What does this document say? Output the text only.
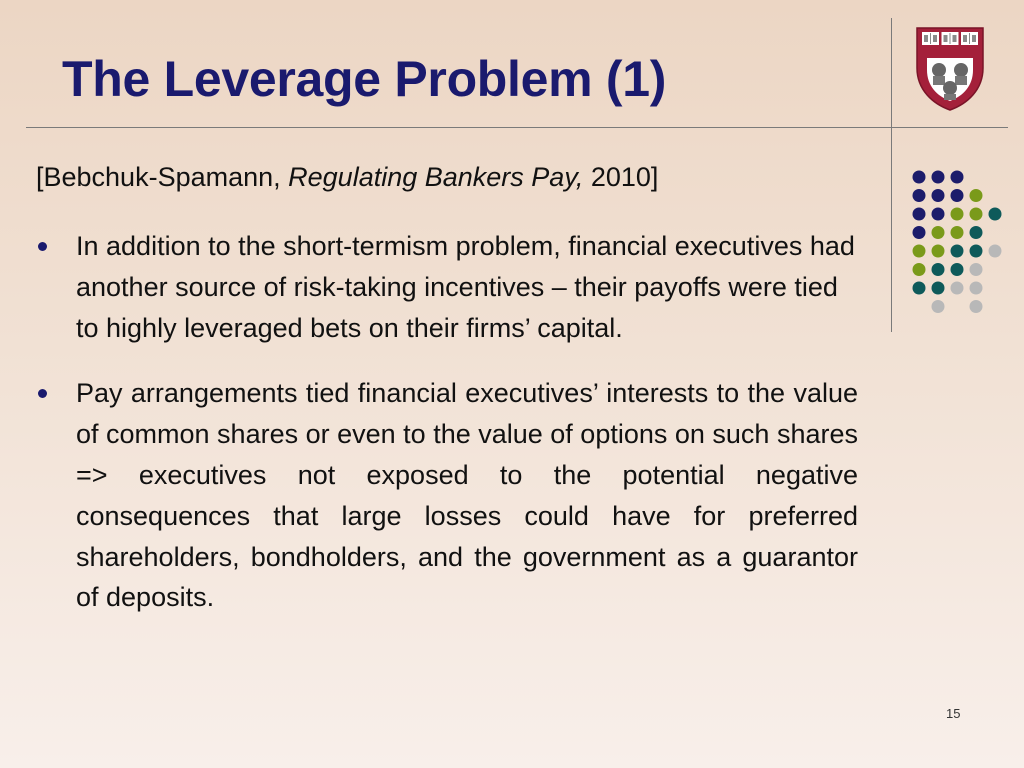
The Leverage Problem (1)
[Bebchuk-Spamann, Regulating Bankers Pay, 2010]
In addition to the short-termism problem, financial executives had another source of risk-taking incentives – their payoffs were tied to highly leveraged bets on their firms’ capital.
Pay arrangements tied financial executives’ interests to the value of common shares or even to the value of options on such shares => executives not exposed to the potential negative consequences that large losses could have for preferred shareholders, bondholders, and the government as a guarantor of deposits.
15
